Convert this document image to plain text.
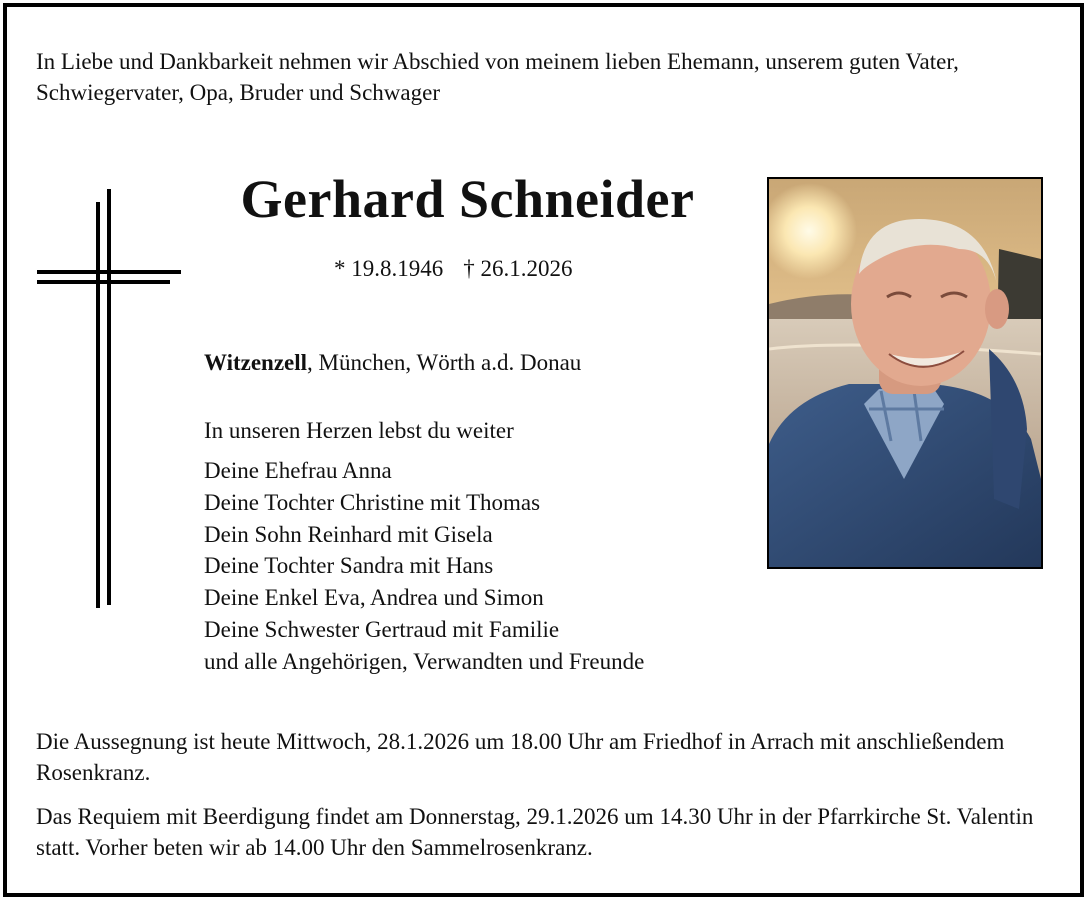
In Liebe und Dankbarkeit nehmen wir Abschied von meinem lieben Ehemann, unserem guten Vater, Schwiegervater, Opa, Bruder und Schwager
Gerhard Schneider
* 19.8.1946 † 26.1.2026
Witzenzell, München, Wörth a.d. Donau
In unseren Herzen lebst du weiter
Deine Ehefrau Anna
Deine Tochter Christine mit Thomas
Dein Sohn Reinhard mit Gisela
Deine Tochter Sandra mit Hans
Deine Enkel Eva, Andrea und Simon
Deine Schwester Gertraud mit Familie
und alle Angehörigen, Verwandten und Freunde
Die Aussegnung ist heute Mittwoch, 28.1.2026 um 18.00 Uhr am Friedhof in Arrach mit anschließendem Rosenkranz.
Das Requiem mit Beerdigung findet am Donnerstag, 29.1.2026 um 14.30 Uhr in der Pfarrkirche St. Valentin statt. Vorher beten wir ab 14.00 Uhr den Sammelrosenkranz.
